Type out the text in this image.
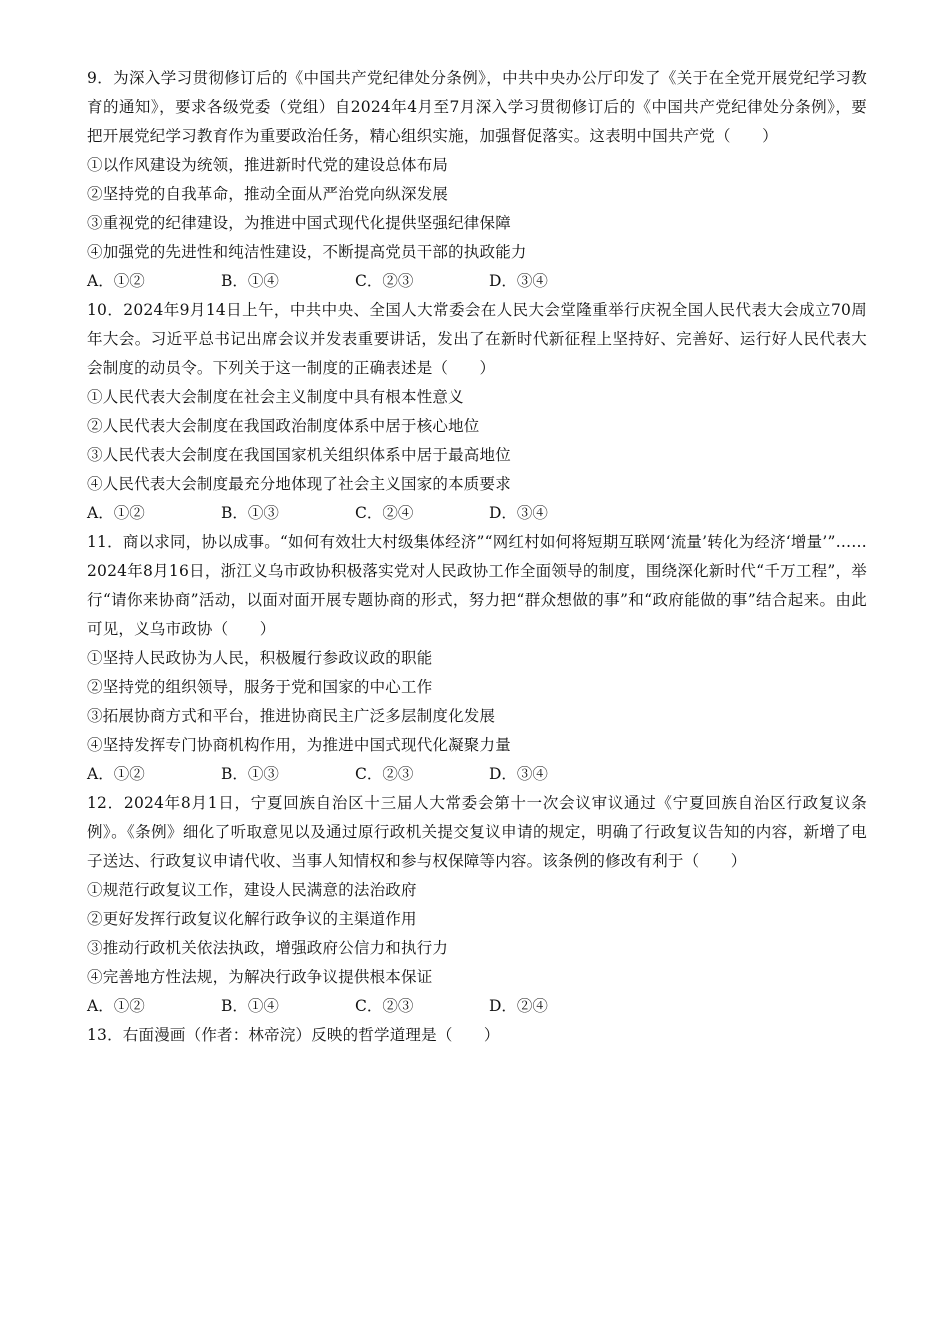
9．为深入学习贯彻修订后的《中国共产党纪律处分条例》，中共中央办公厅印发了《关于在全党开展党纪学习教育的通知》，要求各级党委（党组）自2024年4月至7月深入学习贯彻修订后的《中国共产党纪律处分条例》，要把开展党纪学习教育作为重要政治任务，精心组织实施，加强督促落实。这表明中国共产党（　　）

①以作风建设为统领，推进新时代党的建设总体布局

②坚持党的自我革命，推动全面从严治党向纵深发展

③重视党的纪律建设，为推进中国式现代化提供坚强纪律保障

④加强党的先进性和纯洁性建设，不断提高党员干部的执政能力

A．①②	B．①④	C．②③	D．③④

10．2024年9月14日上午，中共中央、全国人大常委会在人民大会堂隆重举行庆祝全国人民代表大会成立70周年大会。习近平总书记出席会议并发表重要讲话，发出了在新时代新征程上坚持好、完善好、运行好人民代表大会制度的动员令。下列关于这一制度的正确表述是（　　）

①人民代表大会制度在社会主义制度中具有根本性意义

②人民代表大会制度在我国政治制度体系中居于核心地位

③人民代表大会制度在我国国家机关组织体系中居于最高地位

④人民代表大会制度最充分地体现了社会主义国家的本质要求

A．①②	B．①③	C．②④	D．③④

11．商以求同，协以成事。“如何有效壮大村级集体经济”“网红村如何将短期互联网‘流量’转化为经济‘增量’”……2024年8月16日，浙江义乌市政协积极落实党对人民政协工作全面领导的制度，围绕深化新时代“千万工程”，举行“请你来协商”活动，以面对面开展专题协商的形式，努力把“群众想做的事”和“政府能做的事”结合起来。由此可见，义乌市政协（　　）

①坚持人民政协为人民，积极履行参政议政的职能

②坚持党的组织领导，服务于党和国家的中心工作

③拓展协商方式和平台，推进协商民主广泛多层制度化发展

④坚持发挥专门协商机构作用，为推进中国式现代化凝聚力量

A．①②	B．①③	C．②③	D．③④

12．2024年8月1日，宁夏回族自治区十三届人大常委会第十一次会议审议通过《宁夏回族自治区行政复议条例》。《条例》细化了听取意见以及通过原行政机关提交复议申请的规定，明确了行政复议告知的内容，新增了电子送达、行政复议申请代收、当事人知情权和参与权保障等内容。该条例的修改有利于（　　）

①规范行政复议工作，建设人民满意的法治政府

②更好发挥行政复议化解行政争议的主渠道作用

③推动行政机关依法执政，增强政府公信力和执行力

④完善地方性法规，为解决行政争议提供根本保证

A．①②	B．①④	C．②③	D．②④

13．右面漫画（作者：林帝浣）反映的哲学道理是（　　）
